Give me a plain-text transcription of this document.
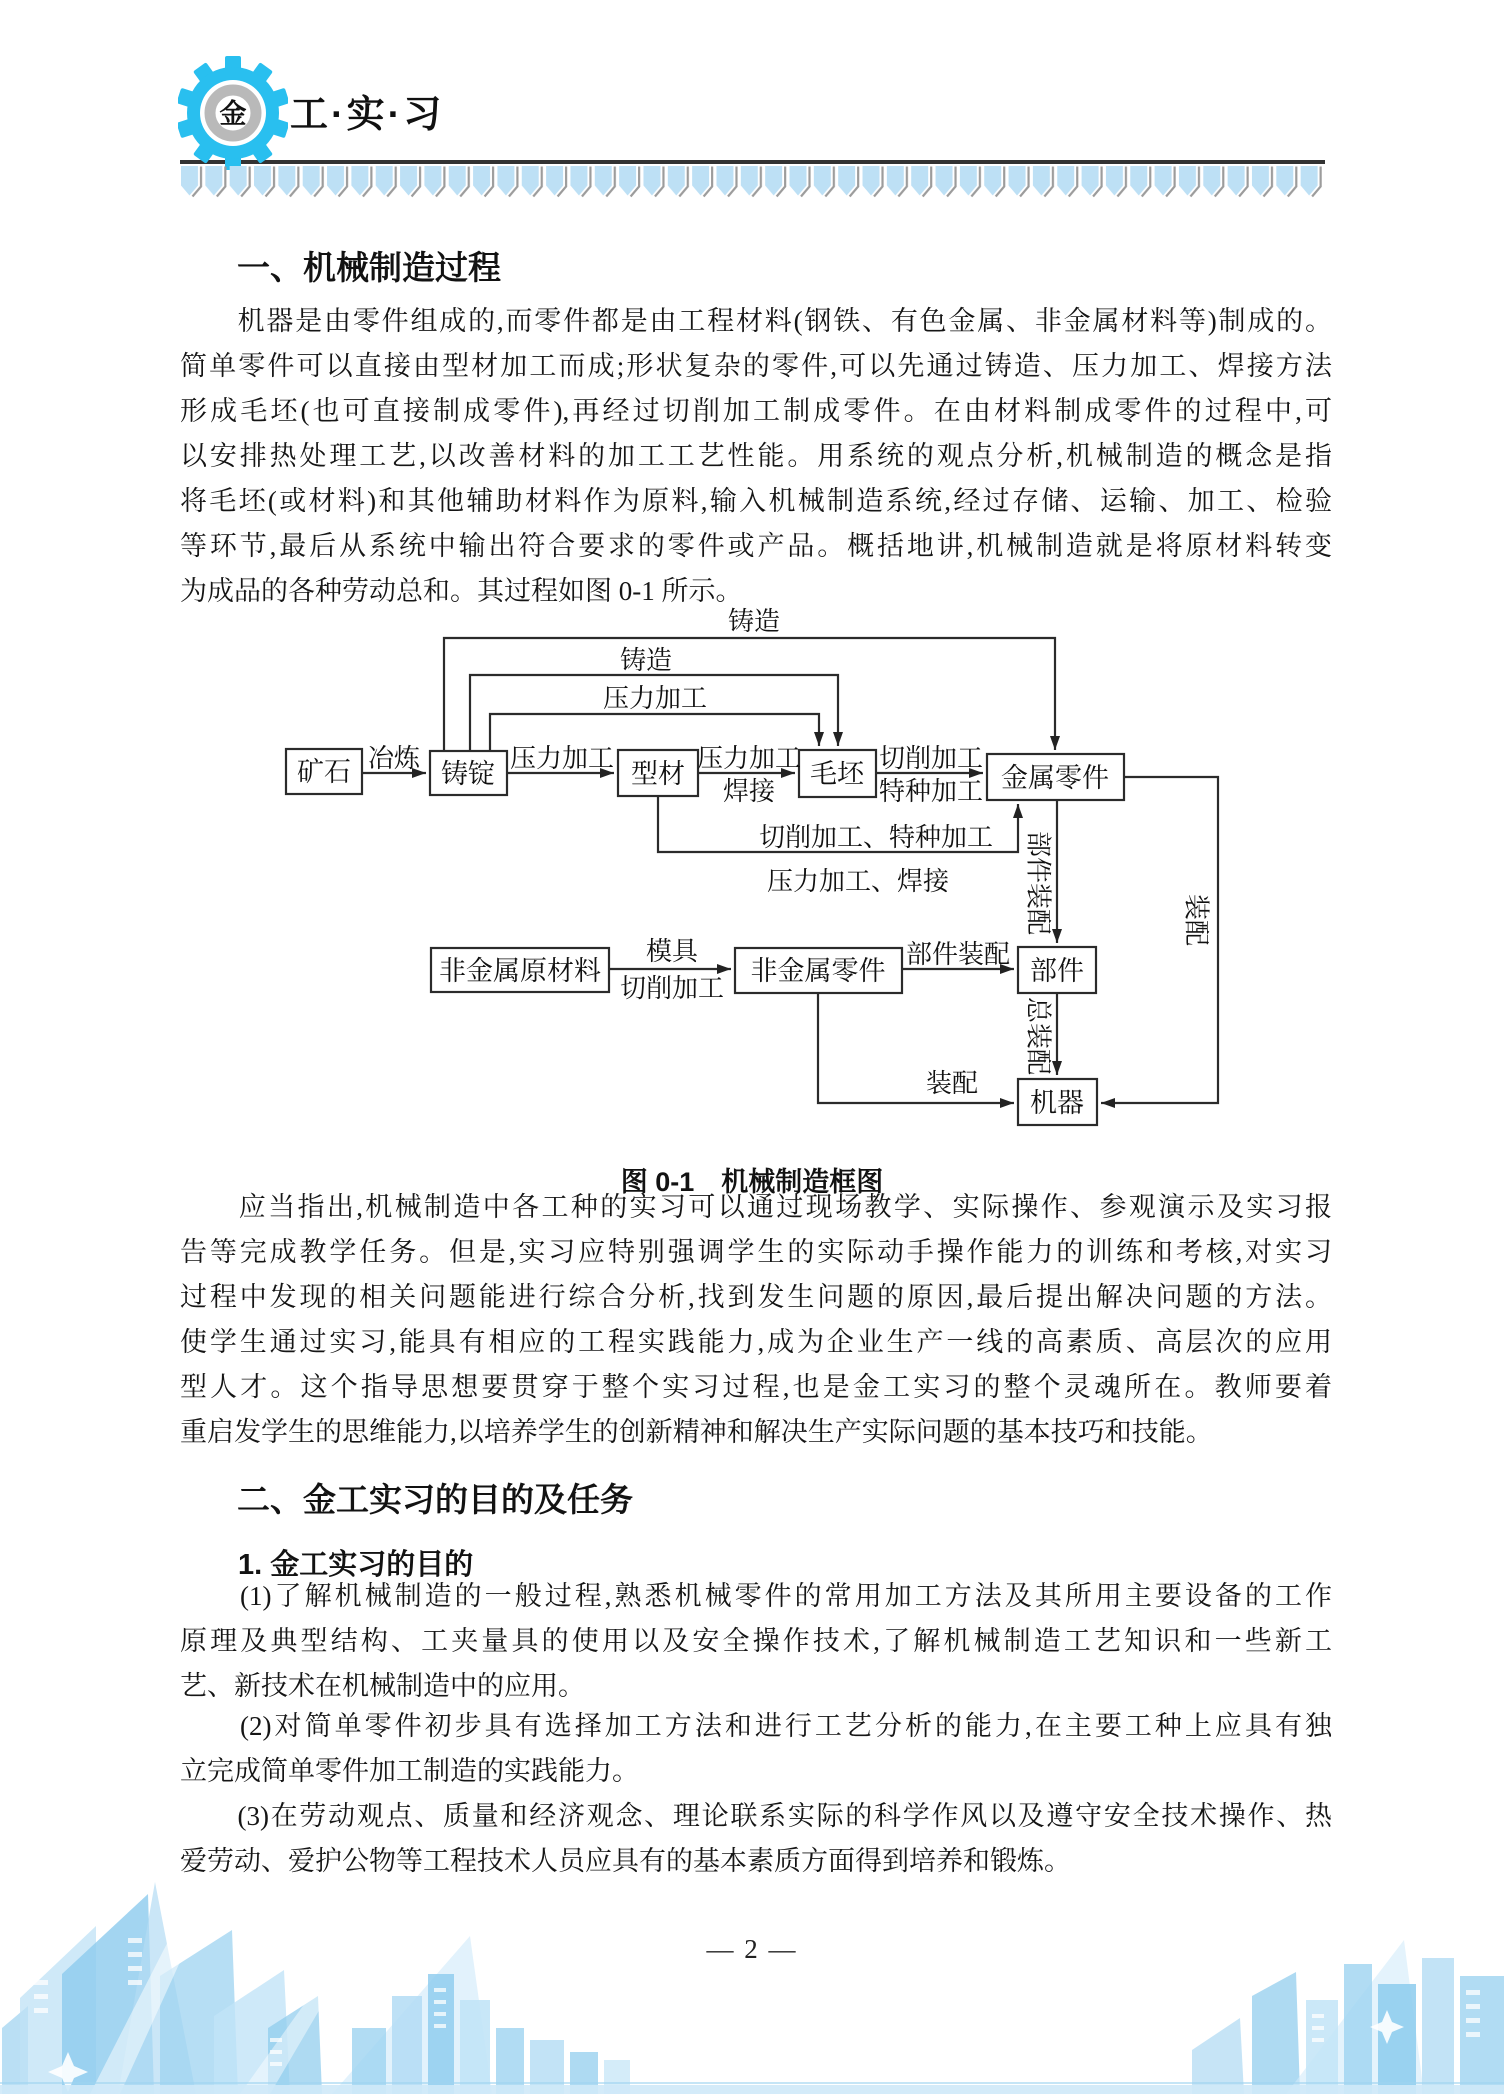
金 工·实·习
一、机械制造过程
　　机器是由零件组成的,而零件都是由工程材料(钢铁、有色金属、非金属材料等)制成的。
简单零件可以直接由型材加工而成;形状复杂的零件,可以先通过铸造、压力加工、焊接方法
形成毛坯(也可直接制成零件),再经过切削加工制成零件。在由材料制成零件的过程中,可
以安排热处理工艺,以改善材料的加工工艺性能。用系统的观点分析,机械制造的概念是指
将毛坯(或材料)和其他辅助材料作为原料,输入机械制造系统,经过存储、运输、加工、检验
等环节,最后从系统中输出符合要求的零件或产品。概括地讲,机械制造就是将原材料转变
为成品的各种劳动总和。其过程如图 0-1 所示。
矿石	铸锭	型材	毛坯	金属零件
非金属原材料	非金属零件	部件
机器
铸造
铸造
压力加工
冶炼	压力加工	压力加工
焊接
切削加工
特种加工
切削加工、特种加工
压力加工、焊接
模具
切削加工
部件装配
装配
部件装配
总装配
装配
图 0-1　机械制造框图
　　应当指出,机械制造中各工种的实习可以通过现场教学、实际操作、参观演示及实习报
告等完成教学任务。但是,实习应特别强调学生的实际动手操作能力的训练和考核,对实习
过程中发现的相关问题能进行综合分析,找到发生问题的原因,最后提出解决问题的方法。
使学生通过实习,能具有相应的工程实践能力,成为企业生产一线的高素质、高层次的应用
型人才。这个指导思想要贯穿于整个实习过程,也是金工实习的整个灵魂所在。教师要着
重启发学生的思维能力,以培养学生的创新精神和解决生产实际问题的基本技巧和技能。
二、金工实习的目的及任务
1. 金工实习的目的
　　(1)了解机械制造的一般过程,熟悉机械零件的常用加工方法及其所用主要设备的工作
原理及典型结构、工夹量具的使用以及安全操作技术,了解机械制造工艺知识和一些新工
艺、新技术在机械制造中的应用。
　　(2)对简单零件初步具有选择加工方法和进行工艺分析的能力,在主要工种上应具有独
立完成简单零件加工制造的实践能力。
　　(3)在劳动观点、质量和经济观念、理论联系实际的科学作风以及遵守安全技术操作、热
爱劳动、爱护公物等工程技术人员应具有的基本素质方面得到培养和锻炼。
— 2 —
